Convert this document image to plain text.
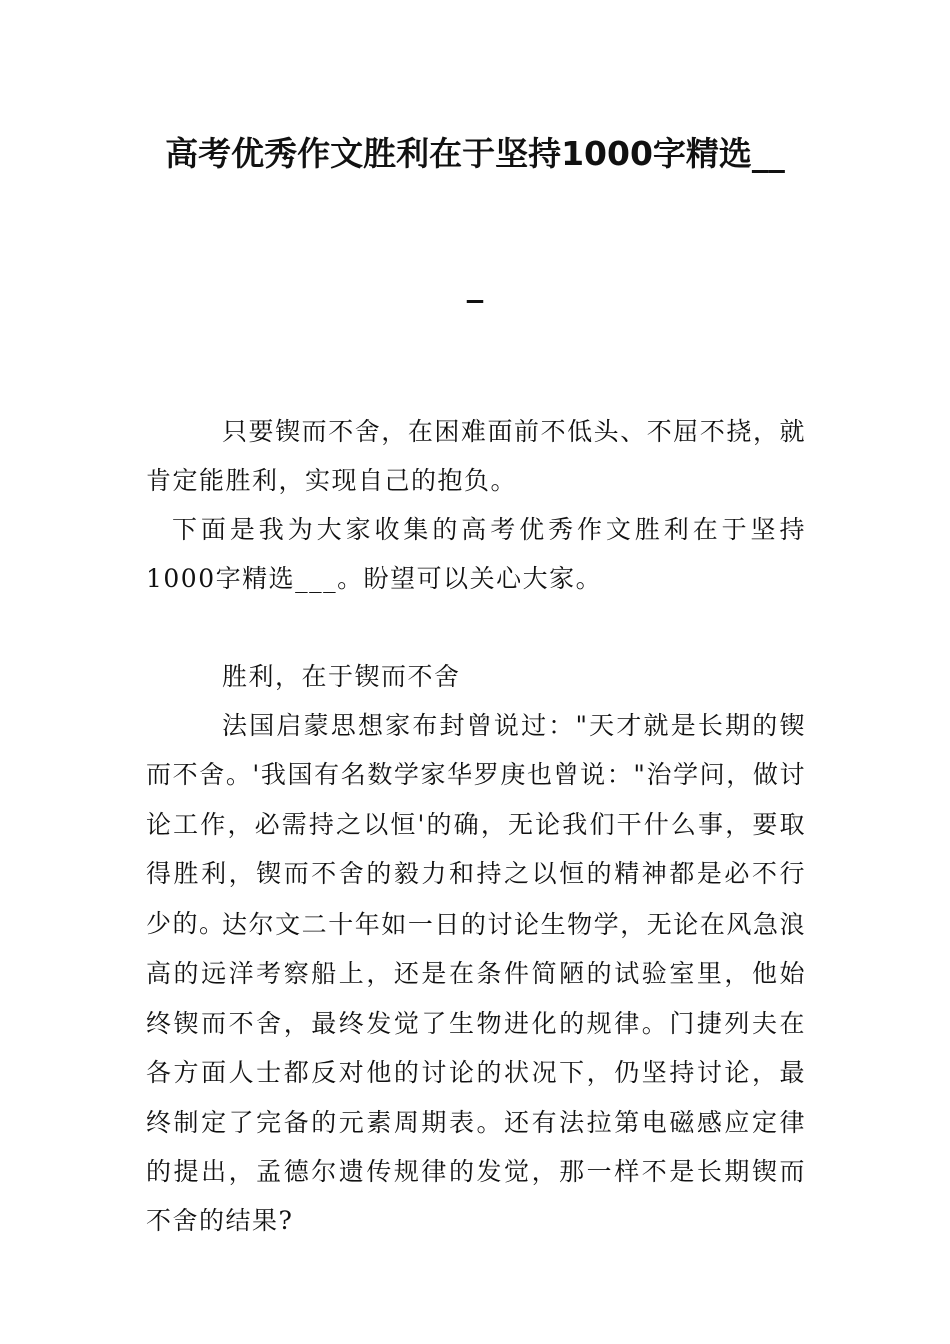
高考优秀作文胜利在于坚持1000字精选__
_

只要锲而不舍，在困难面前不低头、不屈不挠，就肯定能胜利，实现自己的抱负。

下面是我为大家收集的高考优秀作文胜利在于坚持1000字精选___。盼望可以关心大家。

胜利，在于锲而不舍

法国启蒙思想家布封曾说过："天才就是长期的锲而不舍。'我国有名数学家华罗庚也曾说："治学问，做讨论工作，必需持之以恒'的确，无论我们干什么事，要取得胜利，锲而不舍的毅力和持之以恒的精神都是必不行少的。

达尔文二十年如一日的讨论生物学，无论在风急浪高的远洋考察船上，还是在条件简陋的试验室里，他始终锲而不舍，最终发觉了生物进化的规律。门捷列夫在各方面人士都反对他的讨论的状况下，仍坚持讨论，最终制定了完备的元素周期表。还有法拉第电磁感应定律的提出，孟德尔遗传规律的发觉，那一样不是长期锲而不舍的结果?
